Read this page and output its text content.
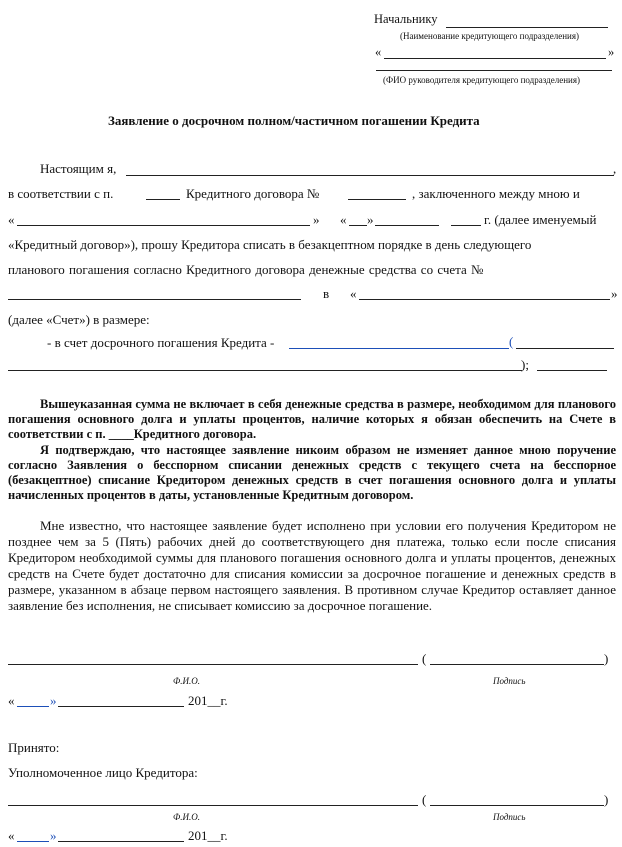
Начальнику
(Наименование кредитующего подразделения)
«	»
(ФИО руководителя кредитующего подразделения)
Заявление о досрочном полном/частичном погашении Кредита
Настоящим я,	,
в соответствии с п.	Кредитного договора №	, заключенного между мною и
«	» « »	г. (далее именуемый
«Кредитный договор»), прошу Кредитора списать в безакцептном порядке в день следующего
планового погашения согласно Кредитного договора денежные средства со счета №
в «	»
(далее «Счет») в размере:
- в счет досрочного погашения Кредита -	(
);
Вышеуказанная сумма не включает в себя денежные средства в размере, необходимом для планового погашения основного долга и уплаты процентов, наличие которых я обязан обеспечить на Счете в соответствии с п. ____Кредитного договора.
Я подтверждаю, что настоящее заявление никоим образом не изменяет данное мною поручение согласно Заявления о бесспорном списании денежных средств с текущего счета на бесспорное (безакцептное) списание Кредитором денежных средств в счет погашения основного долга и уплаты начисленных процентов в даты, установленные Кредитным договором.
Мне известно, что настоящее заявление будет исполнено при условии его получения Кредитором не позднее чем за 5 (Пять) рабочих дней до соответствующего дня платежа, только если после списания Кредитором необходимой суммы для планового погашения основного долга и уплаты процентов, денежных средств на Счете будет достаточно для списания комиссии за досрочное погашение и денежных средств в размере, указанном в абзаце первом настоящего заявления. В противном случае Кредитор оставляет данное заявление без исполнения, не списывает комиссию за досрочное погашение.
(	)
Ф.И.О.	Подпись
«	»	201__г.
Принято:
Уполномоченное лицо Кредитора:
(	)
Ф.И.О.	Подпись
«	»	201__г.
